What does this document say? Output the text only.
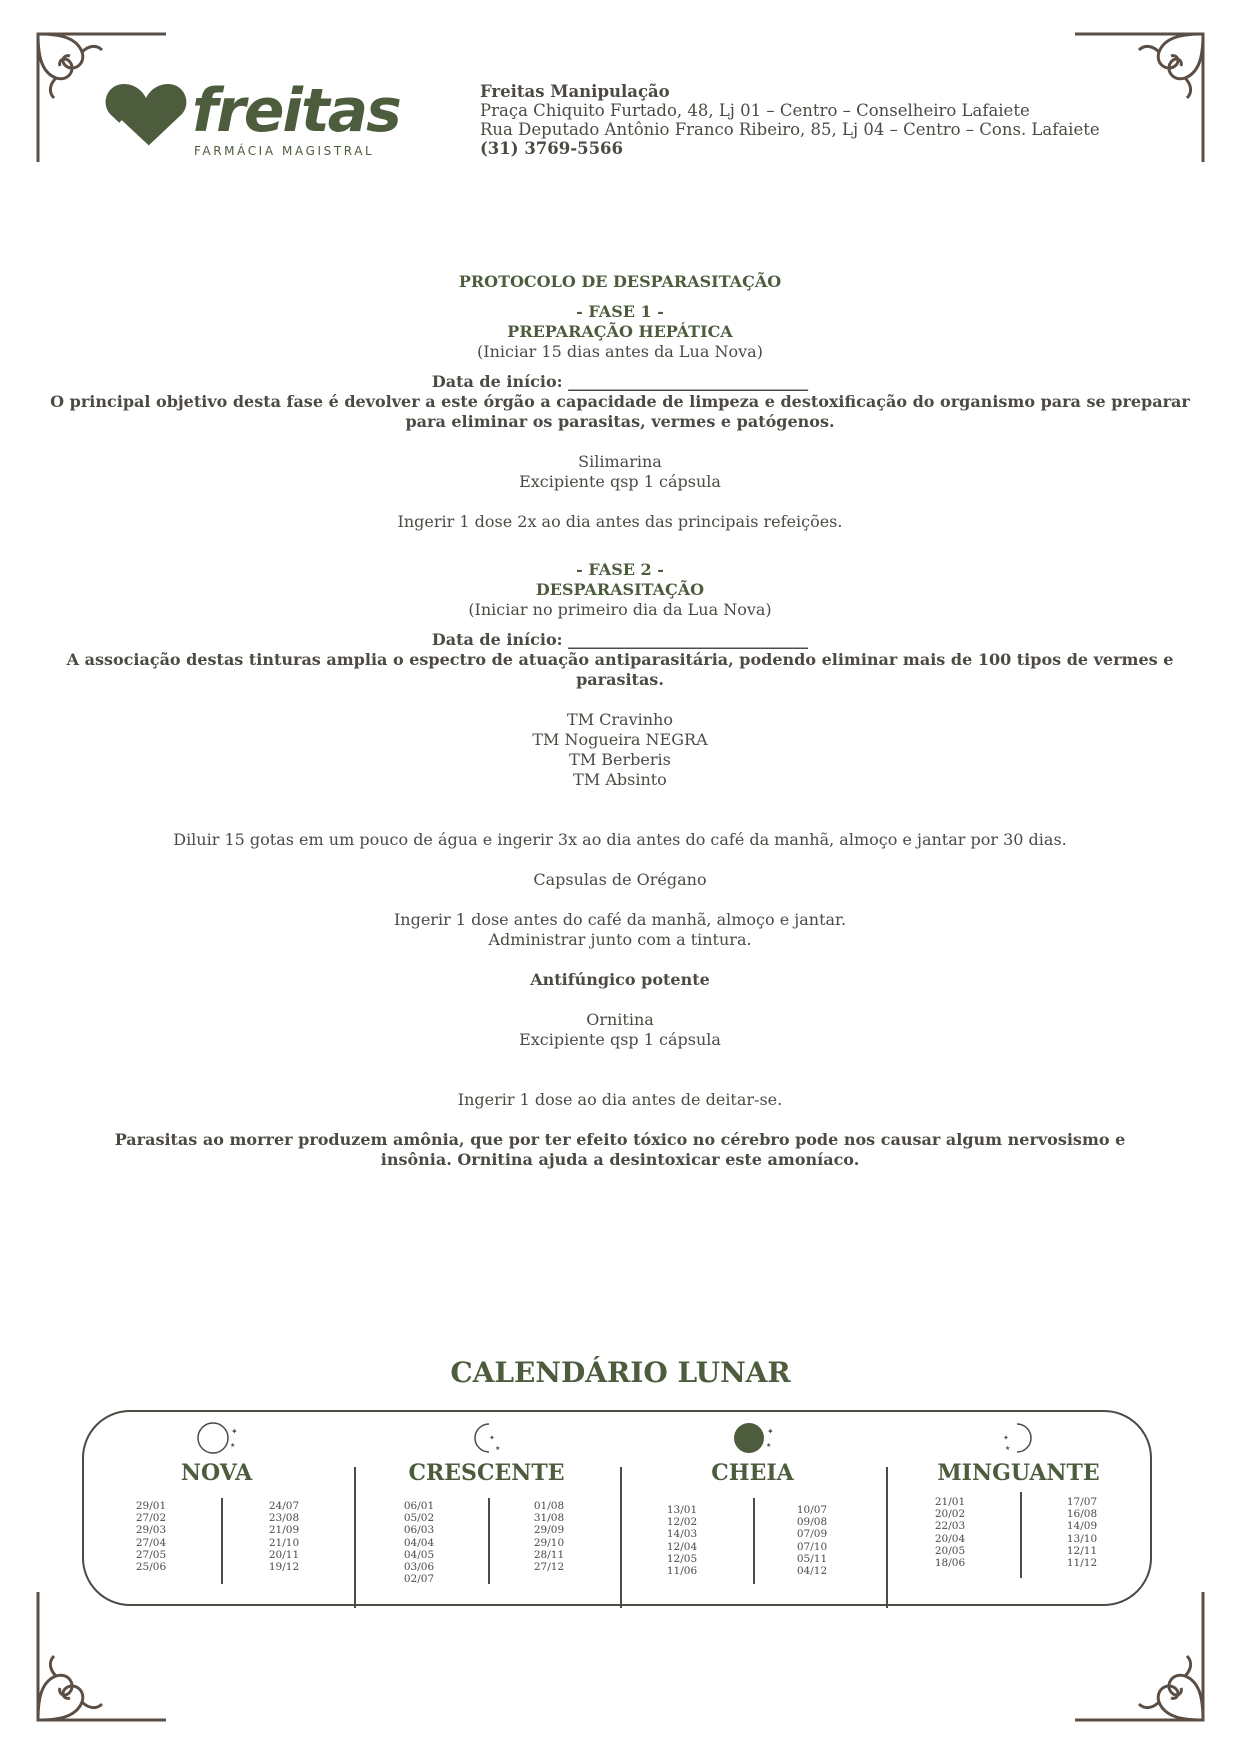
freitas
FARMÁCIA MAGISTRAL
Freitas Manipulação
Praça Chiquito Furtado, 48, Lj 01 – Centro – Conselheiro Lafaiete
Rua Deputado Antônio Franco Ribeiro, 85, Lj 04 – Centro – Cons. Lafaiete
(31) 3769-5566

PROTOCOLO DE DESPARASITAÇÃO

- FASE 1 -

PREPARAÇÃO HEPÁTICA

(Iniciar 15 dias antes da Lua Nova)

Data de início: ______________________________

O principal objetivo desta fase é devolver a este órgão a capacidade de limpeza e destoxificação do organismo para se preparar para eliminar os parasitas, vermes e patógenos.

Silimarina

Excipiente qsp 1 cápsula

Ingerir 1 dose 2x ao dia antes das principais refeições.

- FASE 2 -

DESPARASITAÇÃO

(Iniciar no primeiro dia da Lua Nova)

Data de início: ______________________________

A associação destas tinturas amplia o espectro de atuação antiparasitária, podendo eliminar mais de 100 tipos de vermes e parasitas.

TM Cravinho

TM Nogueira NEGRA

TM Berberis

TM Absinto

Diluir 15 gotas em um pouco de água e ingerir 3x ao dia antes do café da manhã, almoço e jantar por 30 dias.

Capsulas de Orégano

Ingerir 1 dose antes do café da manhã, almoço e jantar.

Administrar junto com a tintura.

Antifúngico potente

Ornitina

Excipiente qsp 1 cápsula

Ingerir 1 dose ao dia antes de deitar-se.

Parasitas ao morrer produzem amônia, que por ter efeito tóxico no cérebro pode nos causar algum nervosismo e insônia. Ornitina ajuda a desintoxicar este amoníaco.

CALENDÁRIO LUNAR
✦
★
NOVA
29/01
27/02
29/03
27/04
27/05
25/06
24/07
23/08
21/09
21/10
20/11
19/12
✦
★
CRESCENTE
06/01
05/02
06/03
04/04
04/05
03/06
02/07
01/08
31/08
29/09
29/10
28/11
27/12
✦
★
CHEIA
13/01
12/02
14/03
12/04
12/05
11/06
10/07
09/08
07/09
07/10
05/11
04/12
✦
★
MINGUANTE
21/01
20/02
22/03
20/04
20/05
18/06
17/07
16/08
14/09
13/10
12/11
11/12
